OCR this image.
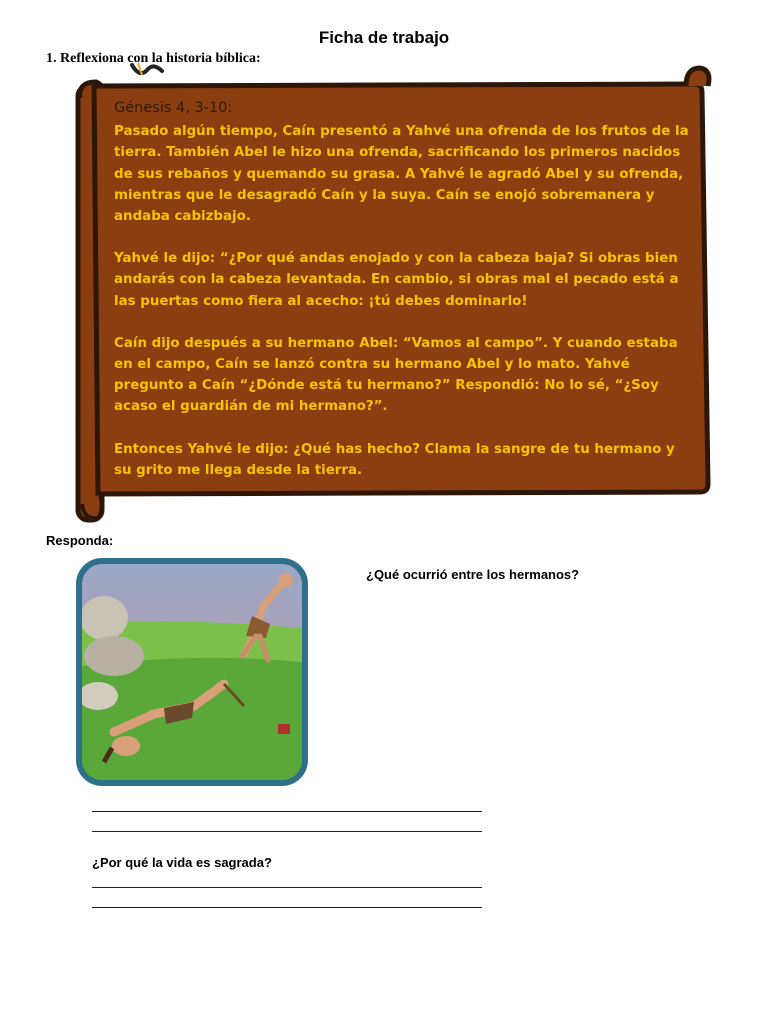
Ficha de trabajo
1. Reflexiona con la historia bíblica:
Génesis 4, 3-10:

Pasado algún tiempo, Caín presentó a Yahvé una ofrenda de los frutos de la tierra. También Abel le hizo una ofrenda, sacrificando los primeros nacidos de sus rebaños y quemando su grasa. A Yahvé le agradó Abel y su ofrenda, mientras que le desagradó Caín y la suya. Caín se enojó sobremanera y andaba cabizbajo.

Yahvé le dijo: “¿Por qué andas enojado y con la cabeza baja? Si obras bien andarás con la cabeza levantada. En cambio, si obras mal el pecado está a las puertas como fiera al acecho: ¡tú debes dominarlo!

Caín dijo después a su hermano Abel: “Vamos al campo”. Y cuando estaba en el campo, Caín se lanzó contra su hermano Abel y lo mato. Yahvé pregunto a Caín “¿Dónde está tu hermano?” Respondió: No lo sé, “¿Soy acaso el guardián de mi hermano?”.

Entonces Yahvé le dijo: ¿Qué has hecho? Clama la sangre de tu hermano y su grito me llega desde la tierra.

Responda:
¿Qué ocurrió entre los hermanos?
¿Por qué la vida es sagrada?
